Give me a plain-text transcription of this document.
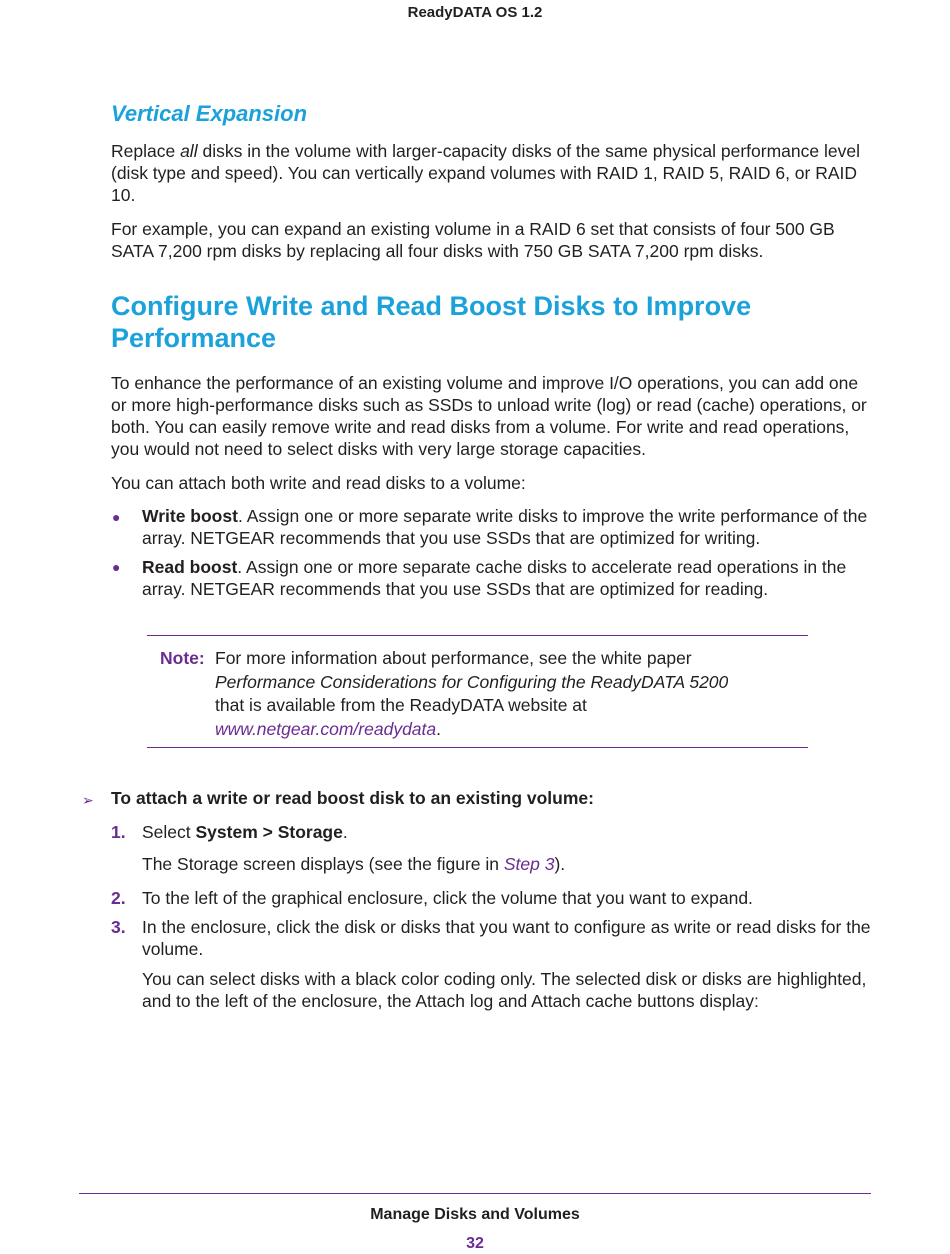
ReadyDATA OS 1.2
Vertical Expansion
Replace all disks in the volume with larger-capacity disks of the same physical performance level (disk type and speed). You can vertically expand volumes with RAID 1, RAID 5, RAID 6, or RAID 10.
For example, you can expand an existing volume in a RAID 6 set that consists of four 500 GB SATA 7,200 rpm disks by replacing all four disks with 750 GB SATA 7,200 rpm disks.
Configure Write and Read Boost Disks to Improve Performance
To enhance the performance of an existing volume and improve I/O operations, you can add one or more high-performance disks such as SSDs to unload write (log) or read (cache) operations, or both. You can easily remove write and read disks from a volume. For write and read operations, you would not need to select disks with very large storage capacities.
You can attach both write and read disks to a volume:
● Write boost. Assign one or more separate write disks to improve the write performance of the array. NETGEAR recommends that you use SSDs that are optimized for writing.
● Read boost. Assign one or more separate cache disks to accelerate read operations in the array. NETGEAR recommends that you use SSDs that are optimized for reading.
Note: For more information about performance, see the white paper
Performance Considerations for Configuring the ReadyDATA 5200
that is available from the ReadyDATA website at
www.netgear.com/readydata.
➢ To attach a write or read boost disk to an existing volume:
1. Select System > Storage.
The Storage screen displays (see the figure in Step 3).
2. To the left of the graphical enclosure, click the volume that you want to expand.
3. In the enclosure, click the disk or disks that you want to configure as write or read disks for the volume.
You can select disks with a black color coding only. The selected disk or disks are highlighted, and to the left of the enclosure, the Attach log and Attach cache buttons display:
Manage Disks and Volumes
32
